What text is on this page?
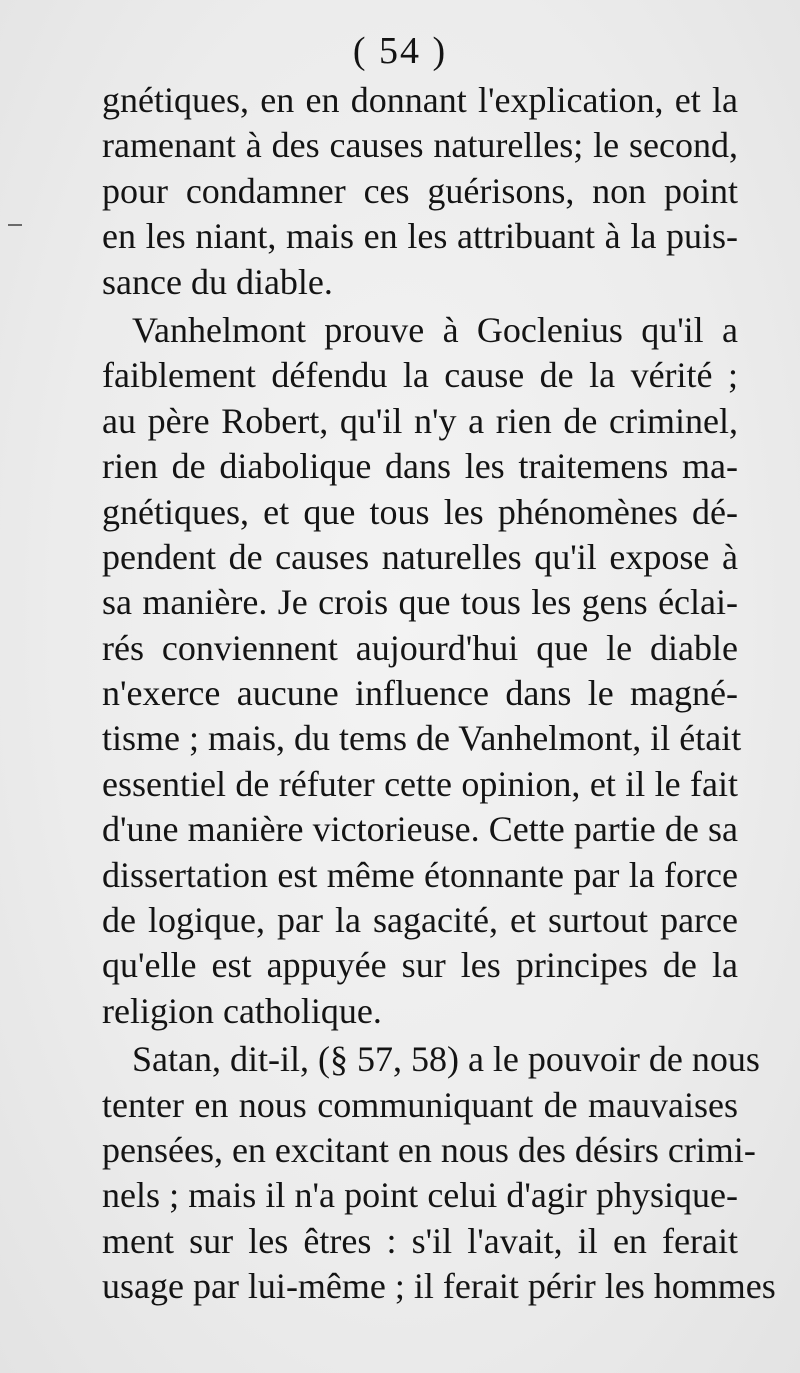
( 54 )
gnétiques, en en donnant l'explication, et la
ramenant à des causes naturelles; le second,
pour condamner ces guérisons, non point
en les niant, mais en les attribuant à la puis-
sance du diable.
Vanhelmont prouve à Goclenius qu'il a
faiblement défendu la cause de la vérité ;
au père Robert, qu'il n'y a rien de criminel,
rien de diabolique dans les traitemens ma-
gnétiques, et que tous les phénomènes dé-
pendent de causes naturelles qu'il expose à
sa manière. Je crois que tous les gens éclai-
rés conviennent aujourd'hui que le diable
n'exerce aucune influence dans le magné-
tisme ; mais, du tems de Vanhelmont, il était
essentiel de réfuter cette opinion, et il le fait
d'une manière victorieuse. Cette partie de sa
dissertation est même étonnante par la force
de logique, par la sagacité, et surtout parce
qu'elle est appuyée sur les principes de la
religion catholique.
Satan, dit-il, (§ 57, 58) a le pouvoir de nous
tenter en nous communiquant de mauvaises
pensées, en excitant en nous des désirs crimi-
nels ; mais il n'a point celui d'agir physique-
ment sur les êtres : s'il l'avait, il en ferait
usage par lui-même ; il ferait périr les hommes
